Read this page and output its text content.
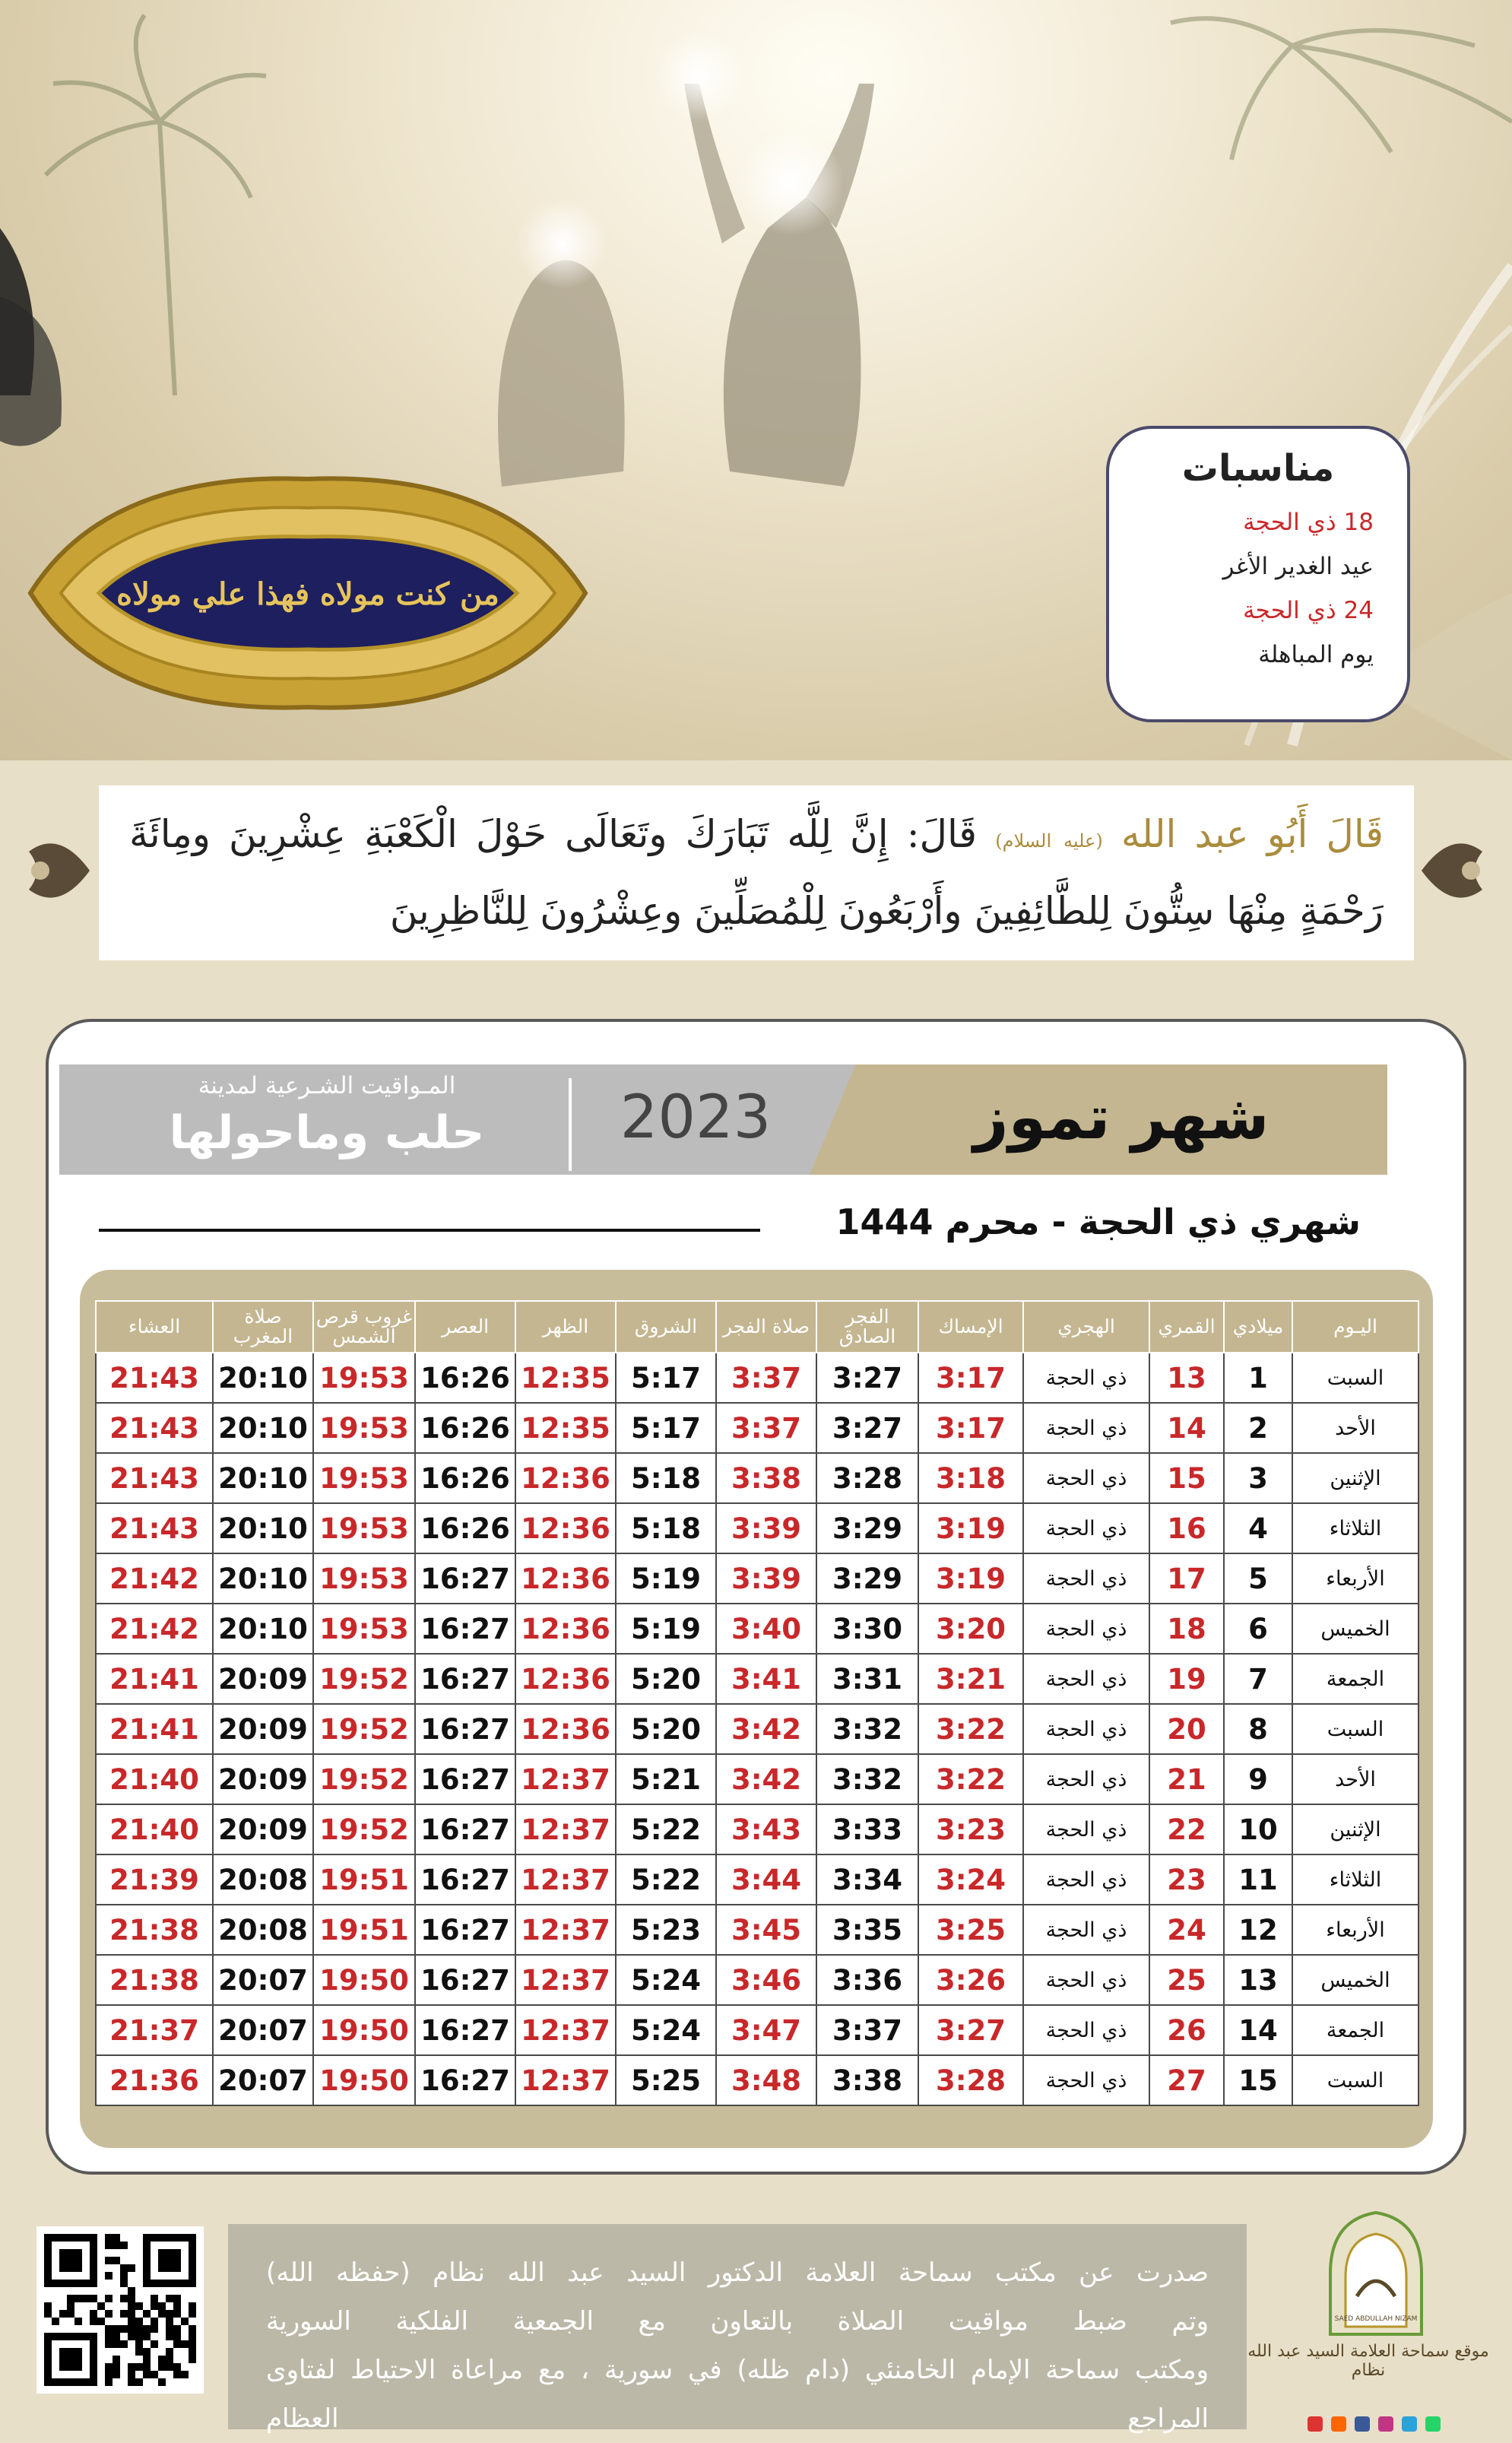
من كنت مولاه فهذا علي مولاه
مناسبات
18 ذي الحجة
عيد الغدير الأغر
24 ذي الحجة
يوم المباهلة
قَالَ أَبُو عبد الله (عليه السلام) قَالَ: إِنَّ لِلَّه تَبَارَكَ وتَعَالَى حَوْلَ الْكَعْبَةِ عِشْرِينَ ومِائَةَ رَحْمَةٍ مِنْهَا سِتُّونَ لِلطَّائِفِينَ وأَرْبَعُونَ لِلْمُصَلِّينَ وعِشْرُونَ لِلنَّاظِرِينَ
شهر تموز
2023
المـواقيت الشـرعية لمدينة
حلب وماحولها
شهري ذي الحجة - محرم 1444
اليـوم	ميلادي	القمري	الهجري	الإمساك	الفجر الصادق	صلاة الفجر	الشروق	الظهر	العصر	غروب قرص الشمس	صلاة المغرب	العشاء
السبت	1	13	ذي الحجة	3:17	3:27	3:37	5:17	12:35	16:26	19:53	20:10	21:43
الأحد	2	14	ذي الحجة	3:17	3:27	3:37	5:17	12:35	16:26	19:53	20:10	21:43
الإثنين	3	15	ذي الحجة	3:18	3:28	3:38	5:18	12:36	16:26	19:53	20:10	21:43
الثلاثاء	4	16	ذي الحجة	3:19	3:29	3:39	5:18	12:36	16:26	19:53	20:10	21:43
الأربعاء	5	17	ذي الحجة	3:19	3:29	3:39	5:19	12:36	16:27	19:53	20:10	21:42
الخميس	6	18	ذي الحجة	3:20	3:30	3:40	5:19	12:36	16:27	19:53	20:10	21:42
الجمعة	7	19	ذي الحجة	3:21	3:31	3:41	5:20	12:36	16:27	19:52	20:09	21:41
السبت	8	20	ذي الحجة	3:22	3:32	3:42	5:20	12:36	16:27	19:52	20:09	21:41
الأحد	9	21	ذي الحجة	3:22	3:32	3:42	5:21	12:37	16:27	19:52	20:09	21:40
الإثنين	10	22	ذي الحجة	3:23	3:33	3:43	5:22	12:37	16:27	19:52	20:09	21:40
الثلاثاء	11	23	ذي الحجة	3:24	3:34	3:44	5:22	12:37	16:27	19:51	20:08	21:39
الأربعاء	12	24	ذي الحجة	3:25	3:35	3:45	5:23	12:37	16:27	19:51	20:08	21:38
الخميس	13	25	ذي الحجة	3:26	3:36	3:46	5:24	12:37	16:27	19:50	20:07	21:38
الجمعة	14	26	ذي الحجة	3:27	3:37	3:47	5:24	12:37	16:27	19:50	20:07	21:37
السبت	15	27	ذي الحجة	3:28	3:38	3:48	5:25	12:37	16:27	19:50	20:07	21:36
صدرت عن مكتب سماحة العلامة الدكتور السيد عبد الله نظام (حفظه الله)
وتم ضبط مواقيت الصلاة بالتعاون مع الجمعية الفلكية السورية
ومكتب سماحة الإمام الخامنئي (دام ظله) في سورية ، مع مراعاة الاحتياط لفتاوى المراجع العظام
SAED ABDULLAH NIZAM
موقع سماحة العلامة السيد عبد الله نظام
